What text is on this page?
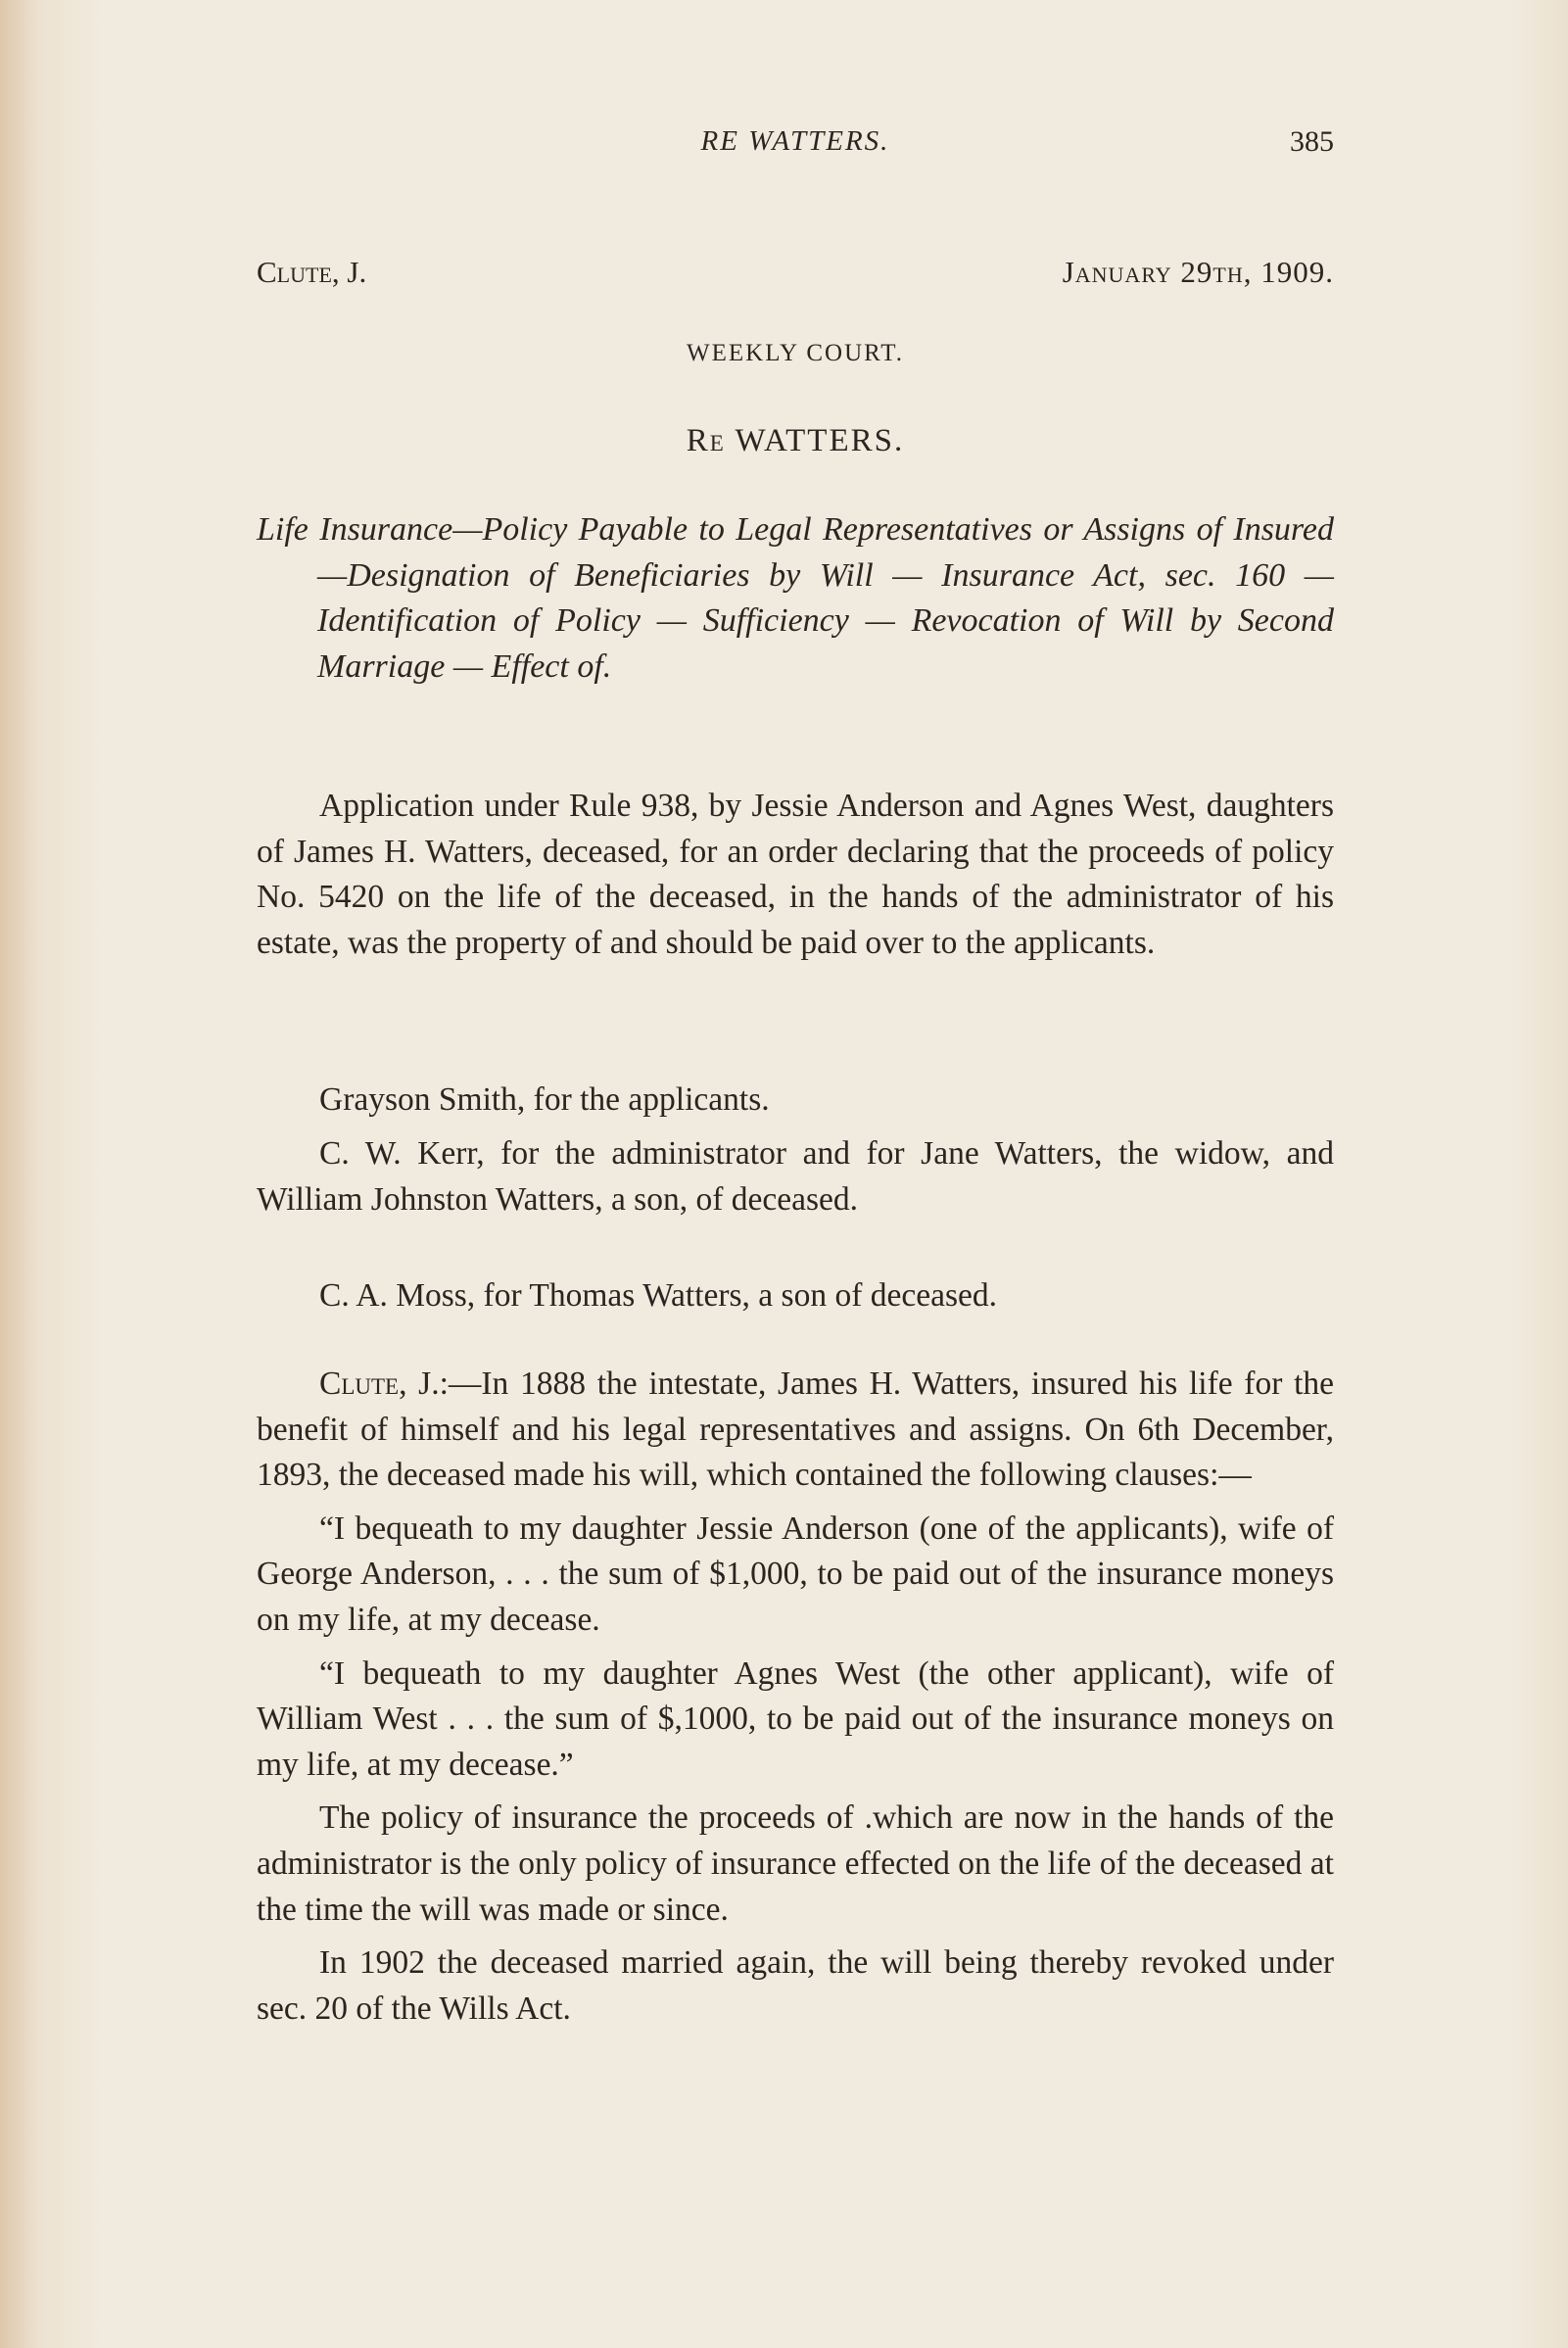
RE WATTERS.	385
Clute, J.	January 29th, 1909.
WEEKLY COURT.
Re WATTERS.
Life Insurance—Policy Payable to Legal Representatives or Assigns of Insured—Designation of Beneficiaries by Will — Insurance Act, sec. 160 — Identification of Policy — Sufficiency — Revocation of Will by Second Marriage — Effect of.

Application under Rule 938, by Jessie Anderson and Agnes West, daughters of James H. Watters, deceased, for an order declaring that the proceeds of policy No. 5420 on the life of the deceased, in the hands of the administrator of his estate, was the property of and should be paid over to the applicants.

Grayson Smith, for the applicants.

C. W. Kerr, for the administrator and for Jane Watters, the widow, and William Johnston Watters, a son, of deceased.

C. A. Moss, for Thomas Watters, a son of deceased.

Clute, J.:—In 1888 the intestate, James H. Watters, insured his life for the benefit of himself and his legal representatives and assigns. On 6th December, 1893, the deceased made his will, which contained the following clauses:—

“I bequeath to my daughter Jessie Anderson (one of the applicants), wife of George Anderson, . . . the sum of $1,000, to be paid out of the insurance moneys on my life, at my decease.

“I bequeath to my daughter Agnes West (the other applicant), wife of William West . . . the sum of $,1000, to be paid out of the insurance moneys on my life, at my decease.”

The policy of insurance the proceeds of .which are now in the hands of the administrator is the only policy of insurance effected on the life of the deceased at the time the will was made or since.

In 1902 the deceased married again, the will being thereby revoked under sec. 20 of the Wills Act.
